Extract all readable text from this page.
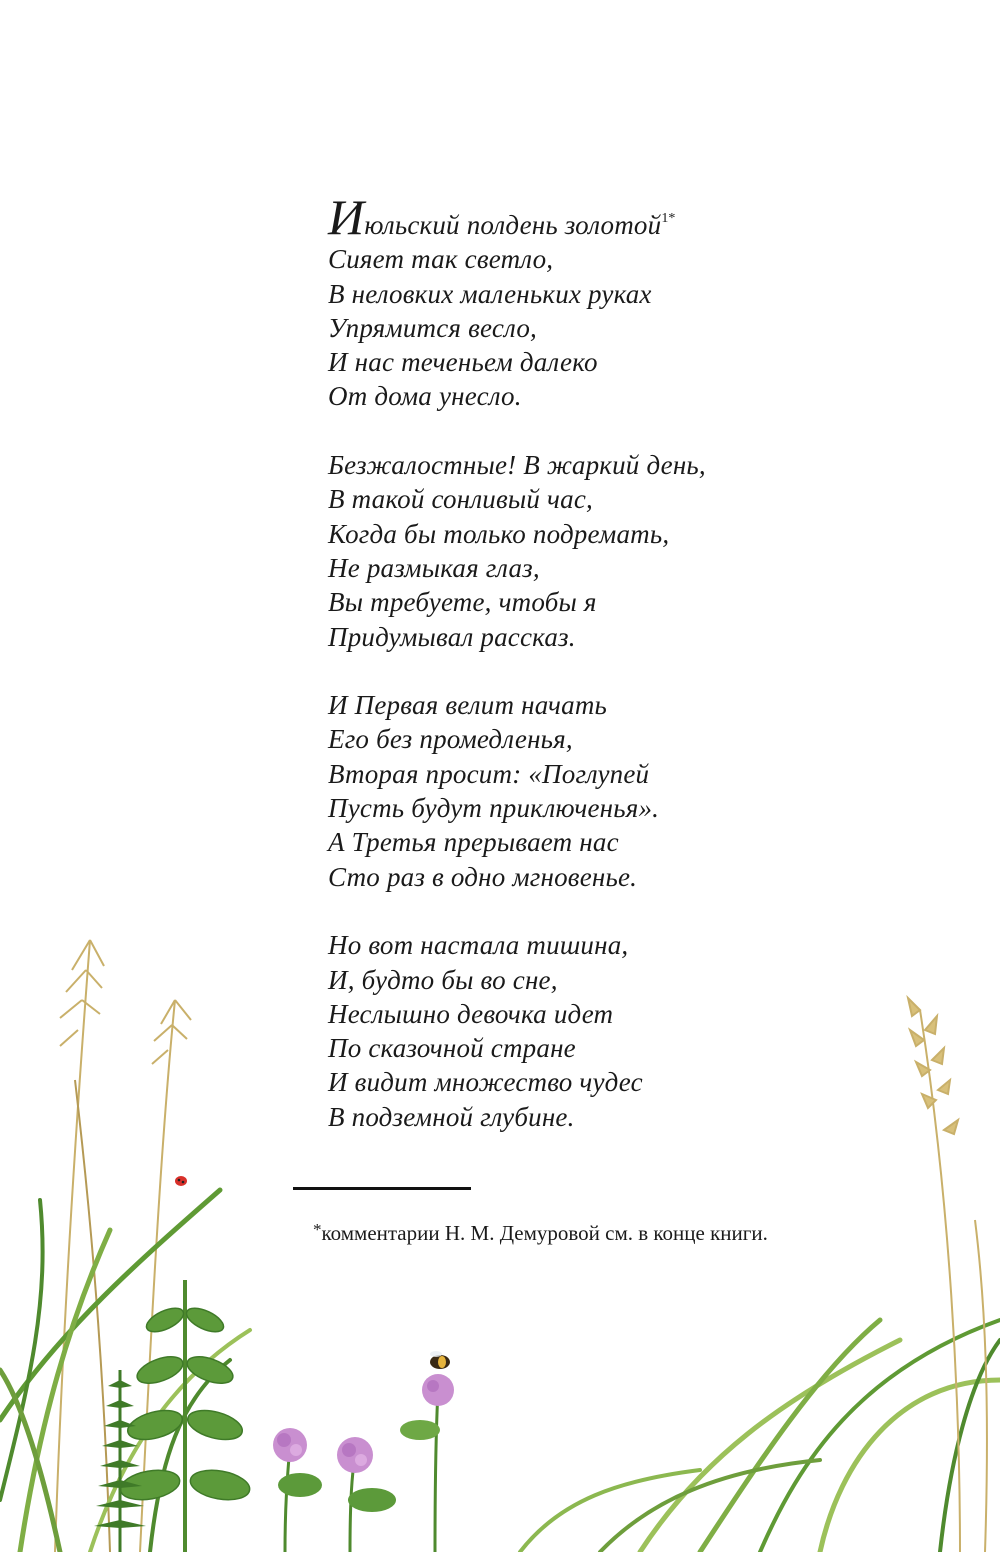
Июльский полдень золотой$^{1*}$
Сияет так светло,
В неловких маленьких руках
Упрямится весло,
И нас теченьем далеко
От дома унесло.
Безжалостные! В жаркий день,
В такой сонливый час,
Когда бы только подремать,
Не размыкая глаз,
Вы требуете, чтобы я
Придумывал рассказ.
И Первая велит начать
Его без промедленья,
Вторая просит: «Поглупей
Пусть будут приключенья».
А Третья прерывает нас
Сто раз в одно мгновенье.
Но вот настала тишина,
И, будто бы во сне,
Неслышно девочка идет
По сказочной стране
И видит множество чудес
В подземной глубине.
*комментарии Н. М. Демуровой см. в конце книги.
